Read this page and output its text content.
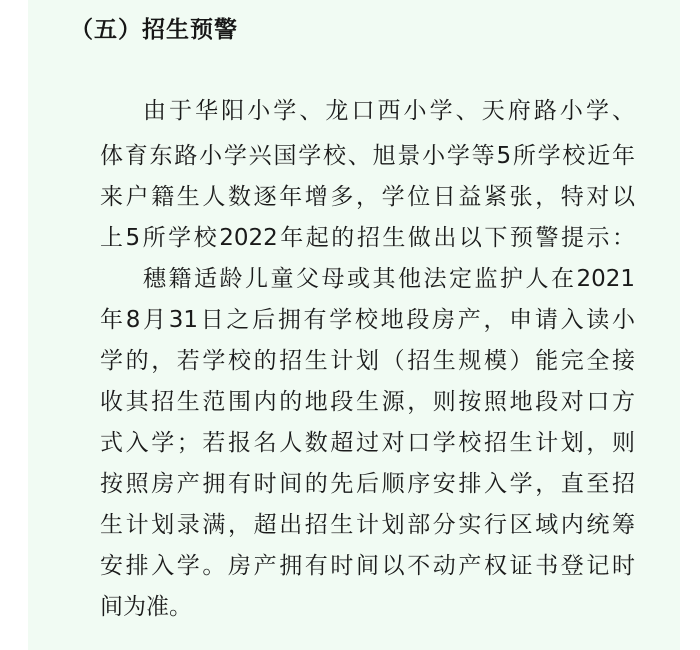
（五）招生预警
由于华阳小学、龙口西小学、天府路小学、
体育东路小学兴国学校、旭景小学等5所学校近年
来户籍生人数逐年增多，学位日益紧张，特对以
上5所学校2022年起的招生做出以下预警提示：
穗籍适龄儿童父母或其他法定监护人在2021
年8月31日之后拥有学校地段房产，申请入读小
学的，若学校的招生计划（招生规模）能完全接
收其招生范围内的地段生源，则按照地段对口方
式入学；若报名人数超过对口学校招生计划，则
按照房产拥有时间的先后顺序安排入学，直至招
生计划录满，超出招生计划部分实行区域内统筹
安排入学。房产拥有时间以不动产权证书登记时
间为准。
